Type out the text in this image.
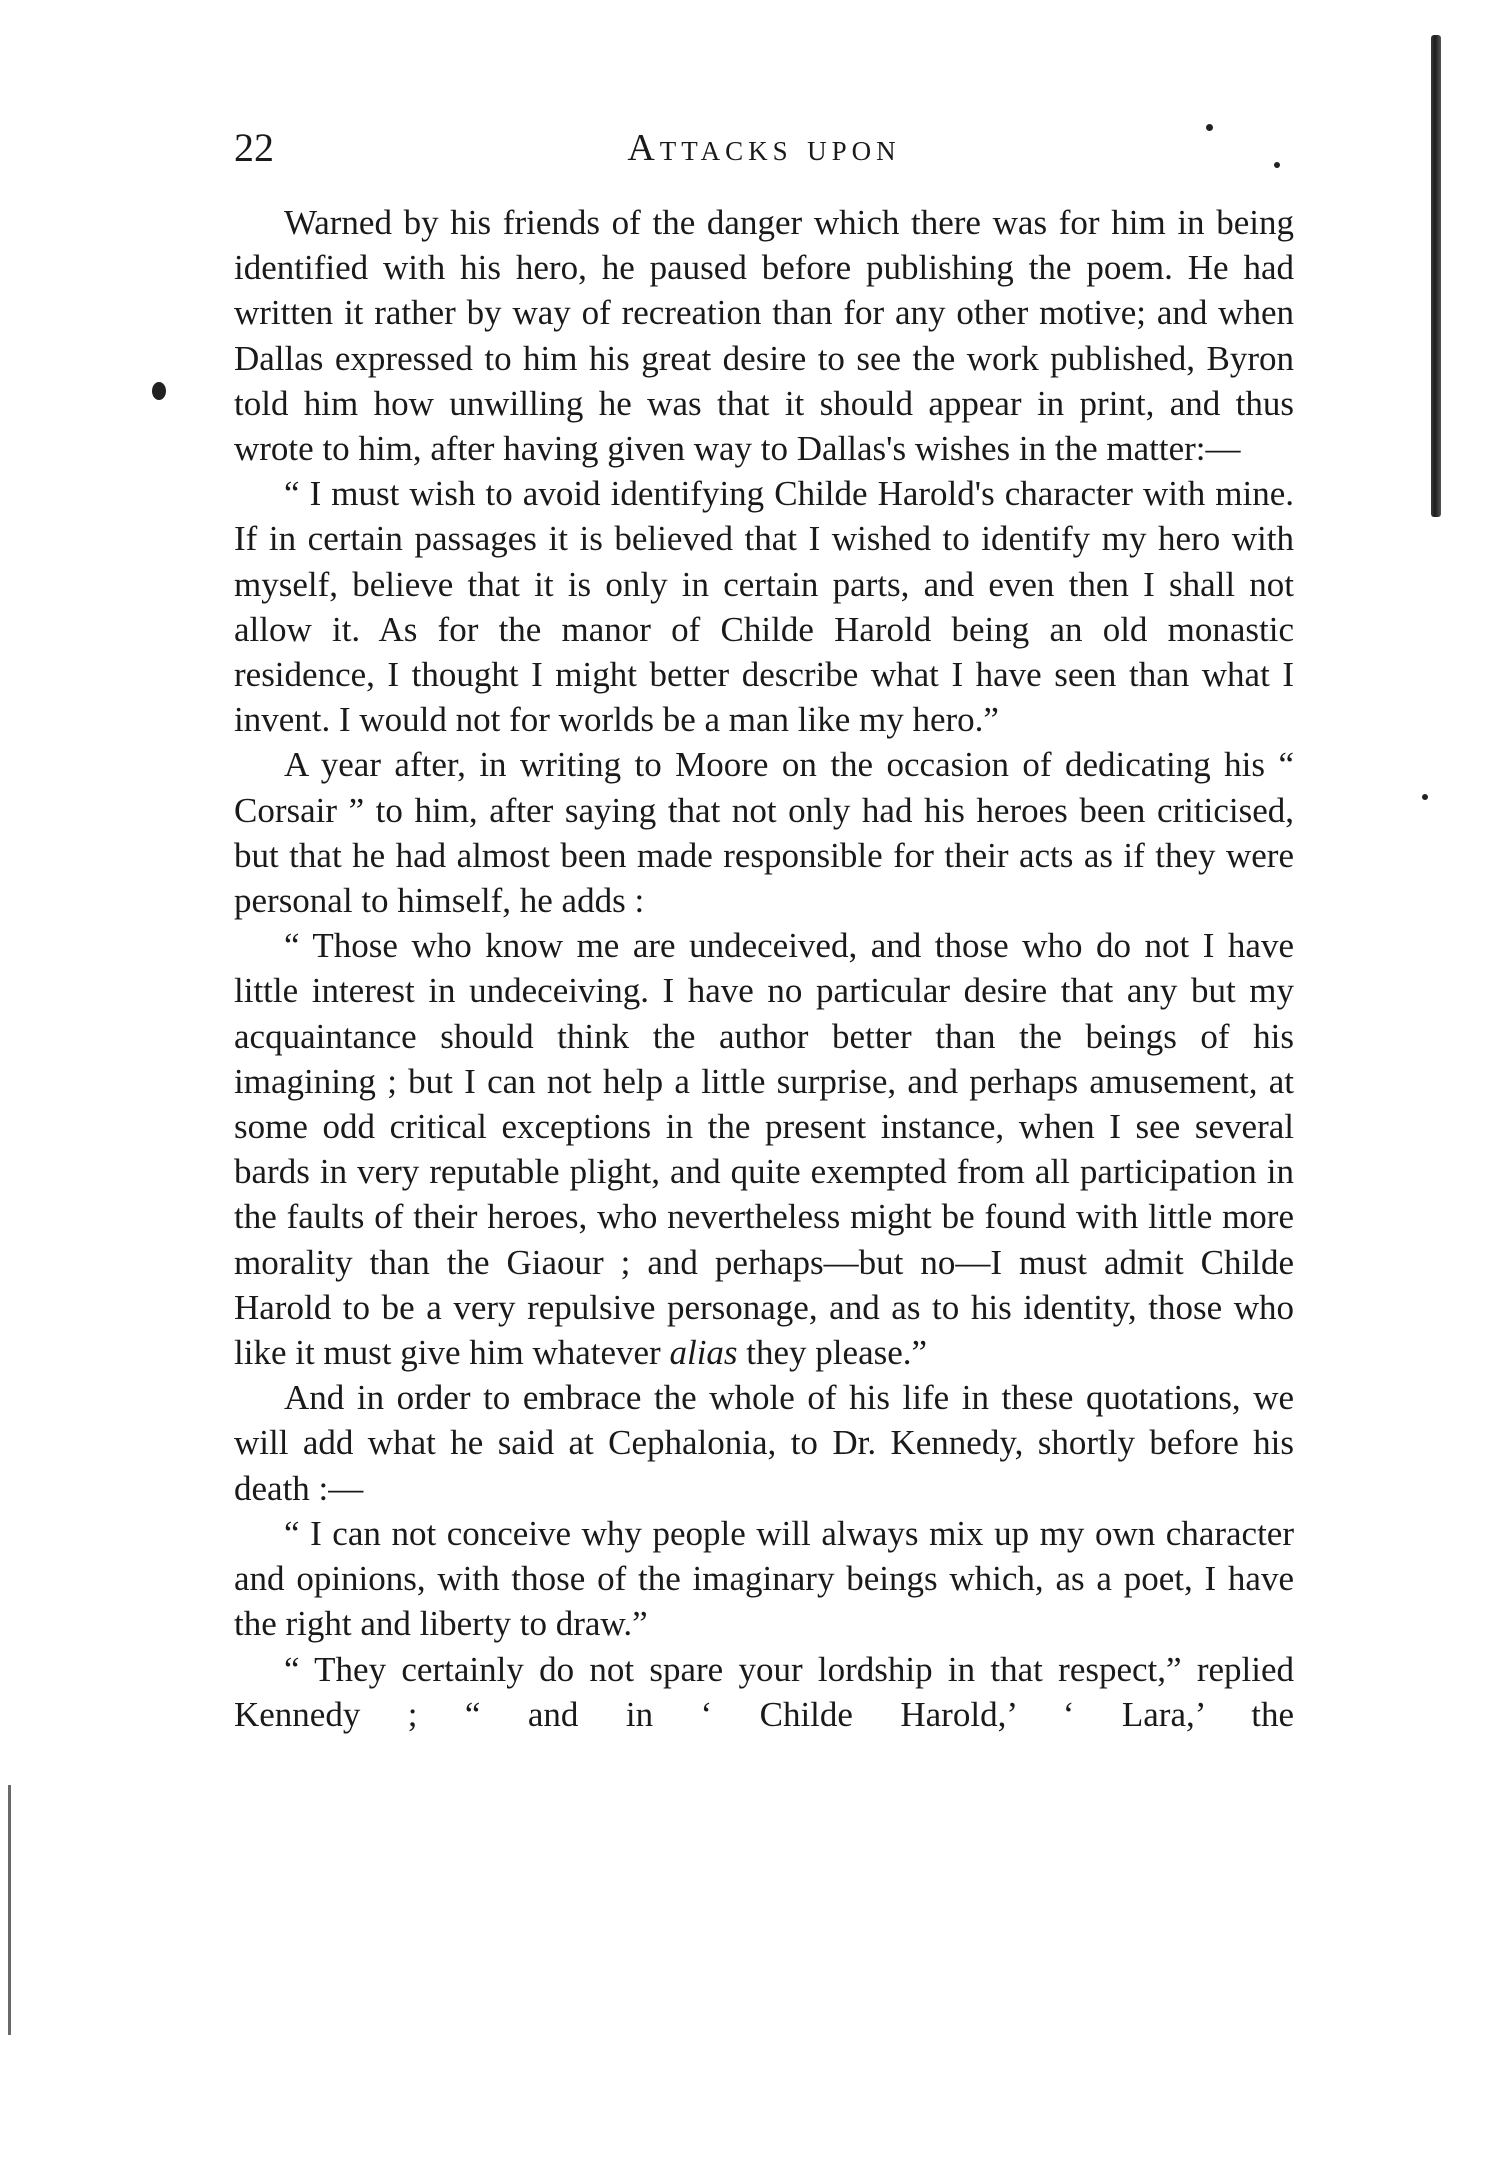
22	Attacks upon

Warned by his friends of the danger which there was for him in being identified with his hero, he paused before publishing the poem. He had written it rather by way of recreation than for any other motive; and when Dallas expressed to him his great desire to see the work published, Byron told him how unwilling he was that it should appear in print, and thus wrote to him, after having given way to Dallas's wishes in the matter:—

“ I must wish to avoid identifying Childe Harold's character with mine. If in certain passages it is believed that I wished to identify my hero with myself, believe that it is only in certain parts, and even then I shall not allow it. As for the manor of Childe Harold being an old monastic residence, I thought I might better describe what I have seen than what I invent. I would not for worlds be a man like my hero.”

A year after, in writing to Moore on the occasion of dedicating his “ Corsair ” to him, after saying that not only had his heroes been criticised, but that he had almost been made responsible for their acts as if they were personal to himself, he adds :

“ Those who know me are undeceived, and those who do not I have little interest in undeceiving. I have no particular desire that any but my acquaintance should think the author better than the beings of his imagining ; but I can not help a little surprise, and perhaps amusement, at some odd critical exceptions in the present instance, when I see several bards in very reputable plight, and quite exempted from all participation in the faults of their heroes, who nevertheless might be found with little more morality than the Giaour ; and perhaps—but no—I must admit Childe Harold to be a very repulsive personage, and as to his identity, those who like it must give him whatever alias they please.”

And in order to embrace the whole of his life in these quotations, we will add what he said at Cephalonia, to Dr. Kennedy, shortly before his death :—

“ I can not conceive why people will always mix up my own character and opinions, with those of the imaginary beings which, as a poet, I have the right and liberty to draw.”

“ They certainly do not spare your lordship in that respect,” replied Kennedy ; “ and in ‘ Childe Harold,’ ‘ Lara,’ the
